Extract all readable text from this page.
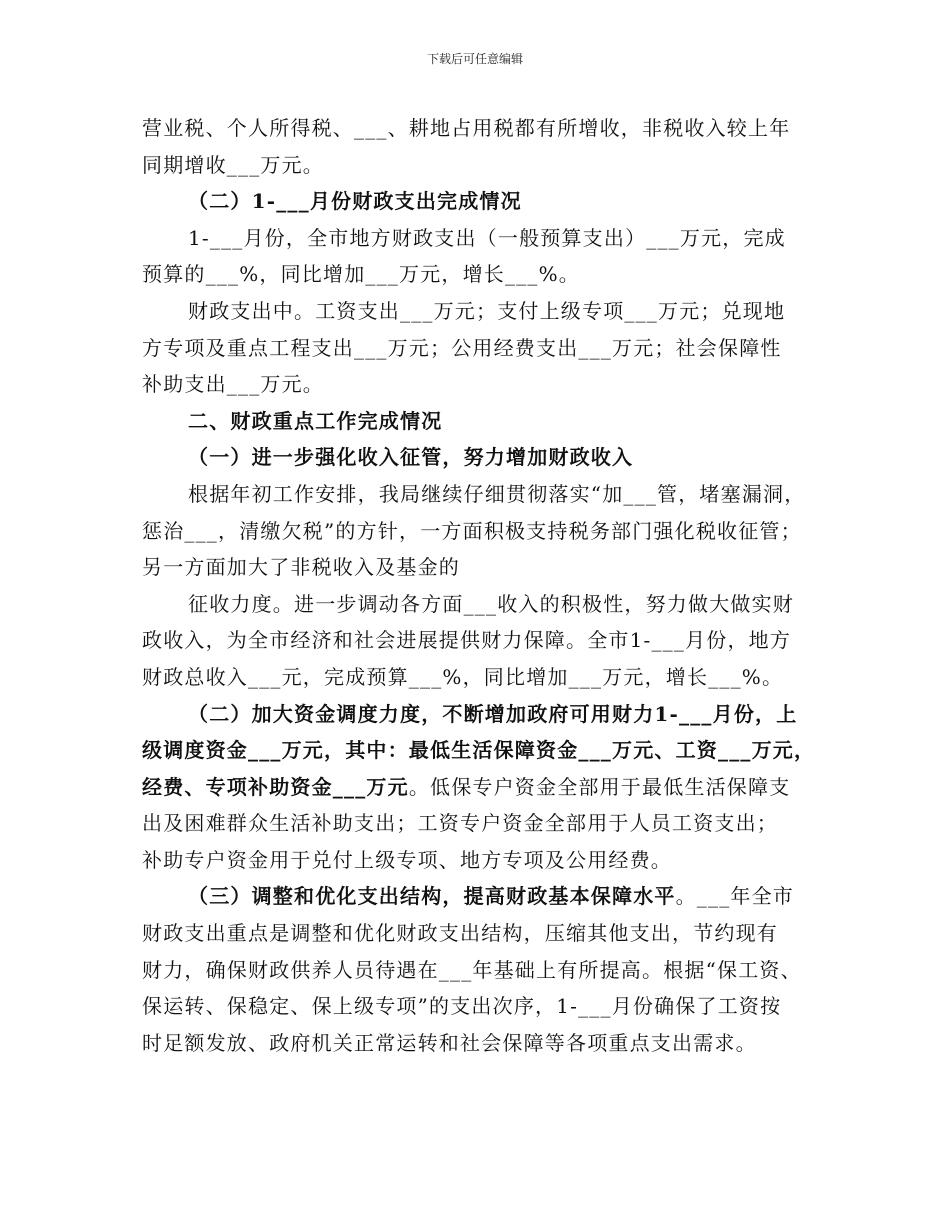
下载后可任意编辑
营业税、个人所得税、___、耕地占用税都有所增收，非税收入较上年
同期增收___万元。
（二）1-___月份财政支出完成情况
1-___月份，全市地方财政支出（一般预算支出）___万元，完成
预算的___%，同比增加___万元，增长___%。
财政支出中。工资支出___万元；支付上级专项___万元；兑现地
方专项及重点工程支出___万元；公用经费支出___万元；社会保障性
补助支出___万元。
二、财政重点工作完成情况
（一）进一步强化收入征管，努力增加财政收入
根据年初工作安排，我局继续仔细贯彻落实“加___管，堵塞漏洞，
惩治___，清缴欠税”的方针，一方面积极支持税务部门强化税收征管；
另一方面加大了非税收入及基金的
征收力度。进一步调动各方面___收入的积极性，努力做大做实财
政收入，为全市经济和社会进展提供财力保障。全市1-___月份，地方
财政总收入___元，完成预算___%，同比增加___万元，增长___%。
（二）加大资金调度力度，不断增加政府可用财力1-___月份，上
级调度资金___万元，其中：最低生活保障资金___万元、工资___万元，
经费、专项补助资金___万元。低保专户资金全部用于最低生活保障支
出及困难群众生活补助支出；工资专户资金全部用于人员工资支出；
补助专户资金用于兑付上级专项、地方专项及公用经费。
（三）调整和优化支出结构，提高财政基本保障水平。___年全市
财政支出重点是调整和优化财政支出结构，压缩其他支出，节约现有
财力，确保财政供养人员待遇在___年基础上有所提高。根据“保工资、
保运转、保稳定、保上级专项”的支出次序，1-___月份确保了工资按
时足额发放、政府机关正常运转和社会保障等各项重点支出需求。
